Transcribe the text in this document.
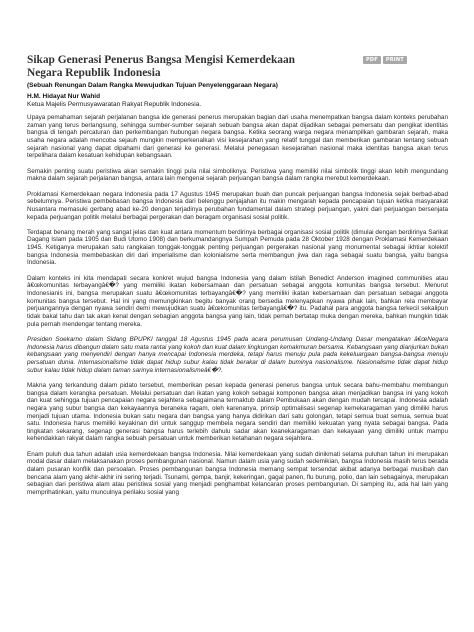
Sikap Generasi Penerus Bangsa Mengisi Kemerdekaan Negara Republik Indonesia
PDF	PRINT
(Sebuah Renungan Dalam Rangka Mewujudkan Tujuan Penyelenggaraan Negara)
H.M. Hidayat Nur Wahid
Ketua Majelis Permusyawaratan Rakyat Republik Indonesia.

Upaya pemahaman sejarah perjalanan bangsa ide generasi penerus merupakan bagian dari usaha menempatkan bangsa dalam konteks perubahan zaman yang terus berlangsung, sehingga sumber-sumber sejarah sebuah bangsa akan dapat dijadikan sebagai pemersatu dan pengikat identitas bangsa di tengah percaturan dan perkembangan hubungan negara bangsa. Ketika seorang warga negara menampilkan gambaran sejarah, maka usaha negara adalah mencoba sejauh mungkin memperkenalkan visi kesejarahan yang relatif tunggal dan memberikan gambaran tentang sebuah sejarah nasional yang dapat dipahami dari generasi ke generasi. Melalui penegasan kesejarahan nasional maka identitas bangsa akan terus terpelihara dalam kesatuan kehidupan kebangsaan.

Semakin penting suatu peristiwa akan semakin tinggi pula nilai simboliknya. Peristiwa yang memiliki nilai simbolik tinggi akan lebih mengundang makna dalam sejarah perjalanan bangsa, antara lain mengenai sejarah perjuangan bangsa dalam rangka merebut kemerdekaan.

Proklamasi Kemerdekaan negara Indonesia pada 17 Agustus 1945 merupakan buah dan puncak perjuangan bangsa Indonesia sejak berbad-abad sebelumnya. Peristiwa pembebasan bangsa Indonesia dari belenggu penjajahan itu makin mengarah kepada pencapaian tujuan ketika masyarakat Nusantara memasuki gerbang abad ke-20 dengan terjadinya perubahan fundamental dalam strategi perjuangan, yakni dari perjuangan bersenjata kepada perjuangan politik melalui berbagai pergerakan dan beragam organisasi sosial politik.

Terdapat benang merah yang sangat jelas dan kuat antara momentum berdirinya berbagai organisasi sosial politik (dimulai dengan berdirinya Sarikat Dagang Islam pada 1905 dan Budi Utomo 1908) dan berkumandangnya Sumpah Pemuda pada 28 Oktober 1928 dengan Proklamasi Kemerdekaan 1945. Ketiganya merupakan satu rangkaian tonggak-tonggak penting perjuangan pergerakan nasional yang monumental sebagai ikhtiar kolektif bangsa Indonesia membebaskan diri dari imperialisme dan kolonialisme serta membangun jiwa dan raga sebagai suatu bangsa, yaitu bangsa Indonesia.

Dalam konteks ini kita mendapati secara konkret wujud bangsa Indonesia yang dalam istilah Benedict Anderson imagined communities atau â€œkomunitas terbayangâ€�? yang memiliki ikatan kebersamaan dan persatuan sebagai anggota komunitas bangsa tersebut. Menurut Indonesianis ini, bangsa merupakan suatu â€œkomunitas terbayangâ€�? yang memiliki ikatan kebersamaan dan persatuan sebagai anggota komunitas bangsa tersebut. Hal ini yang memungkinkan begitu banyak orang bersedia melenyapkan nyawa pihak lain, bahkan rela membayar perjuangannya dengan nyawa sendiri demi mewujudkan suatu â€œkomunitas terbayangâ€�? itu. Padahal para anggota bangsa terkecil sekalipun tidak bakal tahu dan tak akan kenal dengan sebagian anggota bangsa yang lain, tidak pernah bertatap muka dengan mereka, bahkan mungkin tidak pula pernah mendengar tentang mereka.

Presiden Soekarno dalam Sidang BPUPKI tanggal 18 Agustus 1945 pada acara perumusan Undang-Undang Dasar mengatakan â€œNegara Indonesia harus dibangun dalam satu mata rantai yang kokoh dan kuat dalam lingkungan kemakmuran bersama. Kebangsaan yang dianjurkan bukan kebangsaan yang menyendiri dengan hanya mencapai Indonesia merdeka, tetapi harus menuju pula pada kekeluargaan bangsa-bangsa menuju persatuan dunia. Internasionalisme tidak dapat hidup subur kalau tidak berakar di dalam buminya nasionalisme. Nasionalisme tidak dapat hidup subur kalau tidak hidup dalam taman sarinya internasionalismeâ€�?.

Makna yang terkandung dalam pidato tersebut, memberikan pesan kepada generasi penerus bangsa untuk secara bahu-membahu membangun bangsa dalam kerangka persatuan. Melalui persatuan dan ikatan yang kokoh sebagai komponen bangsa akan menjadikan bangsa ini yang kokoh dan kuat sehingga tujuan pencapaian negara sejahtera sebagaimana termaktub dalam Pembukaan akan dengan mudah tercapai. Indonesia adalah negara yang subur bangsa dan kekayaannya beraneka ragam, oleh karenanya, prinsip optimalisasi segenap kemekaragaman yang dimiliki harus menjadi tujuan utama. Indonesia bukan satu negara dan bangsa yang hanya didirikan dari satu golongan, tetapi semua buat semua, semua buat satu. Indonesia harus memiliki keyakinan diri untuk sanggup membela negara sendiri dan memiliki kekuatan yang nyata sebagai bangsa. Pada tingkatan sekarang, segenap generasi bangsa harus terlebih dahulu sadar akan keanekaragaman dan kekayaan yang dimiliki untuk mampu kehendakkan rakyat dalam rangka sebuah persatuan untuk memberikan ketahanan negara sejahtera.

Enam puluh dua tahun adalah usia kemerdekaan bangsa Indonesia. Nilai kemerdekaan yang sudah dinikmati selama puluhan tahun ini merupakan modal dasar dalam melaksanakan proses pembangunan nasional. Namun dalam usia yang sudah sedemikian, bangsa Indonesia masih terus berada dalam pusaran konflik dan persoalan. Proses pembangunan bangsa Indonesia memang sempat tersendat akibat adanya berbagai musibah dan bencana alam yang akhir-akhir ini sering terjadi. Tsunami, gempa, banjir, kekeringan, gagal panen, flu burung, polio, dan lain sebagainya, merupakan sebagian dari peristiwa alam atau peristiwa sosial yang menjadi penghambat kelancaran proses pembangunan. Di samping itu, ada hal lain yang memprihatinkan, yaitu munculnya perilaku sosial yang
